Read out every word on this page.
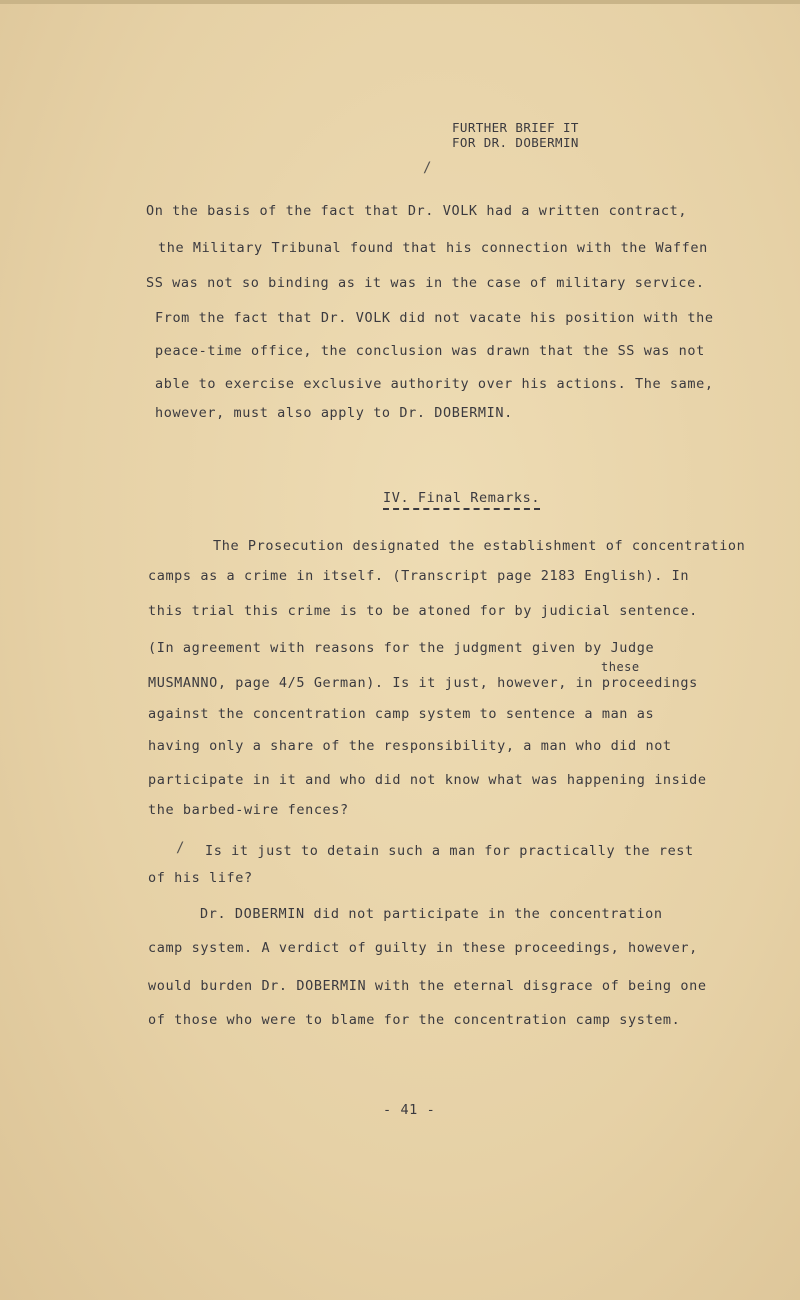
FURTHER BRIEF IT
FOR DR. DOBERMIN
/
On the basis of the fact that Dr. VOLK had a written contract,
the Military Tribunal found that his connection with the Waffen
SS was not so binding as it was in the case of military service.
From the fact that Dr. VOLK did not vacate his position with the
peace-time office, the conclusion was drawn that the SS was not
able to exercise exclusive authority over his actions. The same,
however, must also apply to Dr. DOBERMIN.
IV. Final Remarks.
The Prosecution designated the establishment of concentration
camps as a crime in itself. (Transcript page 2183 English). In
this trial this crime is to be atoned for by judicial sentence.
(In agreement with reasons for the judgment given by Judge
these
MUSMANNO, page 4/5 German). Is it just, however, in proceedings
against the concentration camp system to sentence a man as
having only a share of the responsibility, a man who did not
participate in it and who did not know what was happening inside
the barbed-wire fences?
/ Is it just to detain such a man for practically the rest
of his life?
Dr. DOBERMIN did not participate in the concentration
camp system. A verdict of guilty in these proceedings, however,
would burden Dr. DOBERMIN with the eternal disgrace of being one
of those who were to blame for the concentration camp system.
- 41 -
